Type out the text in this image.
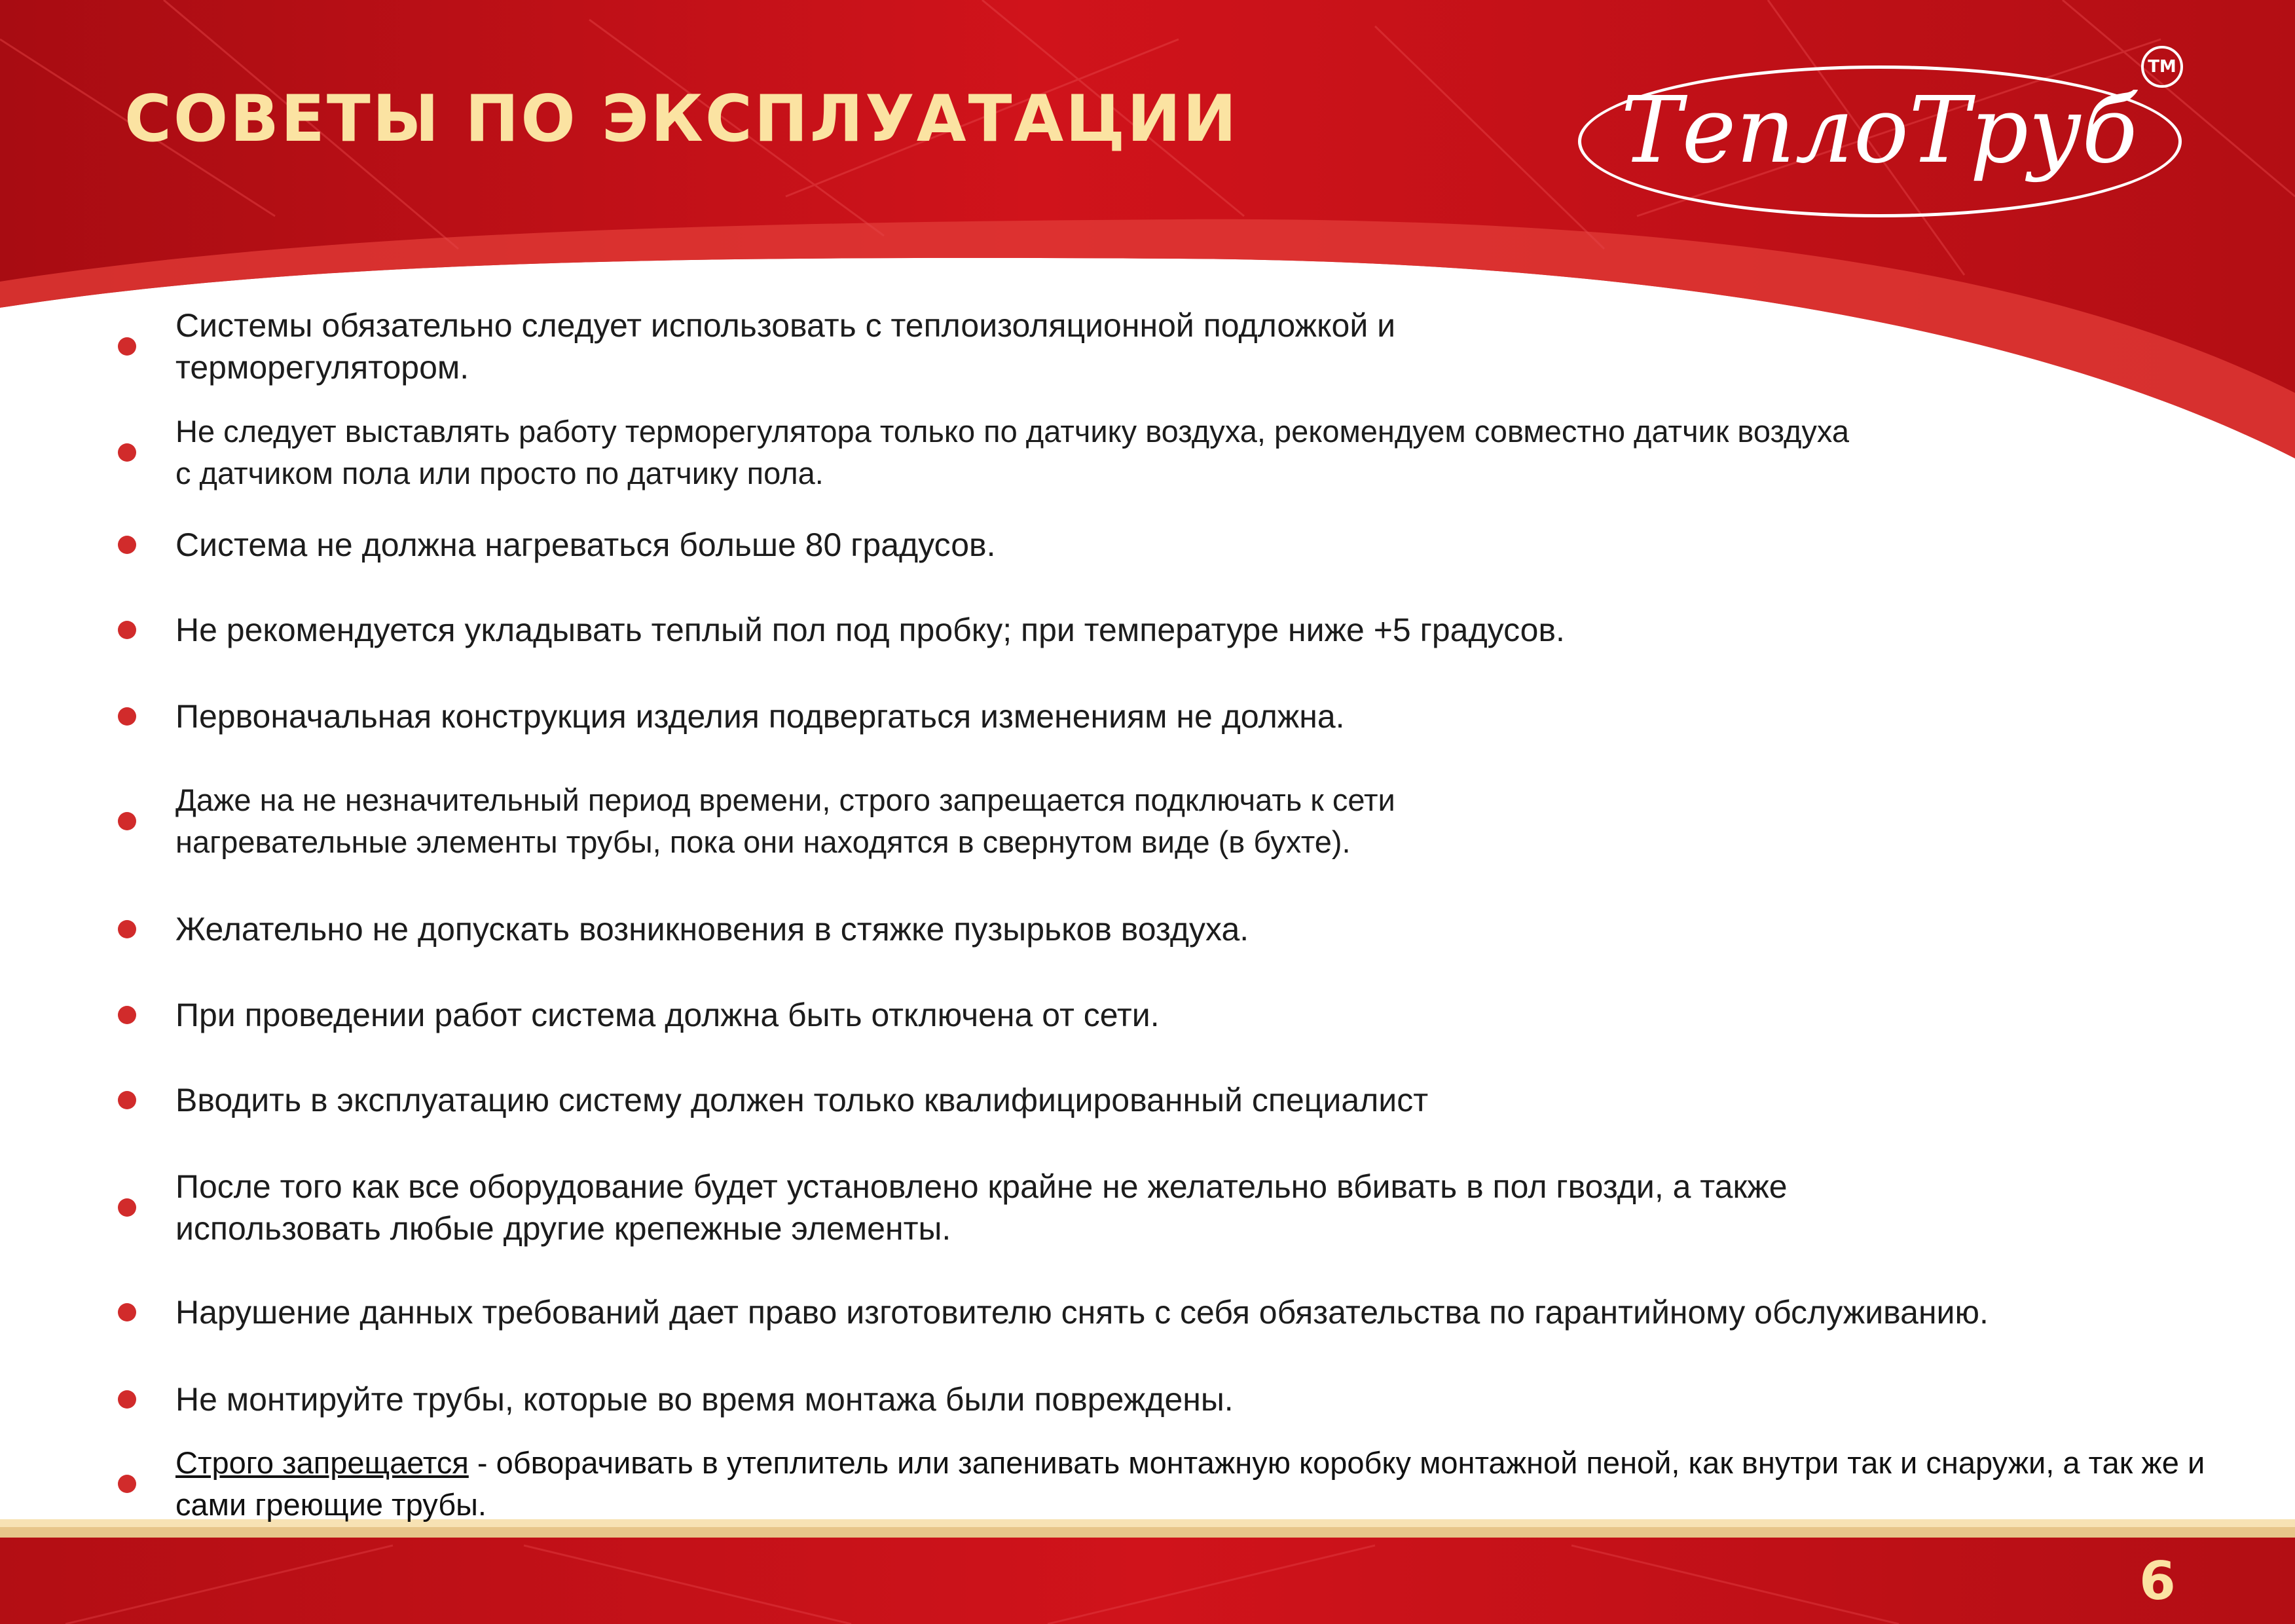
СОВЕТЫ ПО ЭКСПЛУАТАЦИИ	ТеплоТруб
TM
Системы обязательно следует использовать с теплоизоляционной подложкой и терморегулятором.
Не следует выставлять работу терморегулятора только по датчику воздуха, рекомендуем совместно датчик воздуха с датчиком пола или просто по датчику пола.
Система не должна нагреваться больше 80 градусов.
Не рекомендуется укладывать теплый пол под пробку; при температуре ниже +5 градусов.
Первоначальная конструкция изделия подвергаться изменениям не должна.
Даже на не незначительный период времени, строго запрещается подключать к сети нагревательные элементы трубы, пока они находятся в свернутом виде (в бухте).
Желательно не допускать возникновения в стяжке пузырьков воздуха.
При проведении работ система должна быть отключена от сети.
Вводить в эксплуатацию систему должен только квалифицированный специалист
После того как все оборудование будет установлено крайне не желательно вбивать в пол гвозди, а также использовать любые другие крепежные элементы.
Нарушение данных требований дает право изготовителю снять с себя обязательства по гарантийному обслуживанию.
Не монтируйте трубы, которые во время монтажа были повреждены.
Строго запрещается - обворачивать в утеплитель или запенивать монтажную коробку монтажной пеной, как внутри так и снаружи, а так же и сами греющие трубы.
6
